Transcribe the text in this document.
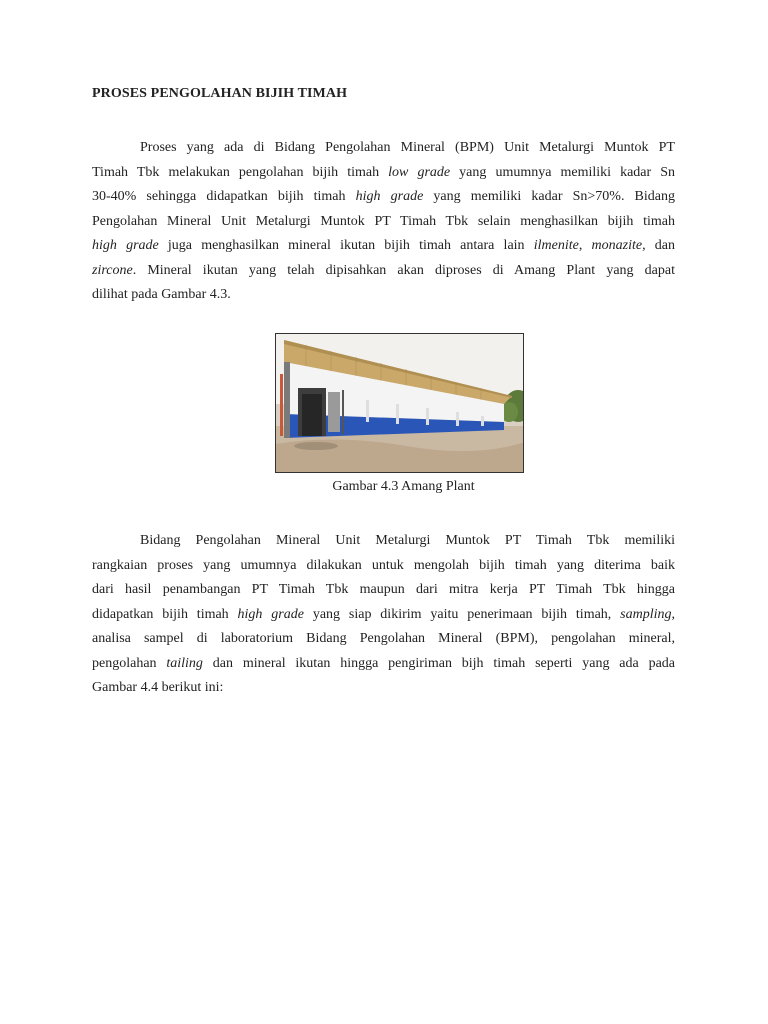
PROSES PENGOLAHAN BIJIH TIMAH
Proses yang ada di Bidang Pengolahan Mineral (BPM) Unit Metalurgi Muntok PT
Timah Tbk melakukan pengolahan bijih timah low grade yang umumnya memiliki kadar Sn
30-40% sehingga didapatkan bijih timah high grade yang memiliki kadar Sn>70%. Bidang
Pengolahan Mineral Unit Metalurgi Muntok PT Timah Tbk selain menghasilkan bijih timah
high grade juga menghasilkan mineral ikutan bijih timah antara lain ilmenite, monazite, dan
zircone. Mineral ikutan yang telah dipisahkan akan diproses di Amang Plant yang dapat
dilihat pada Gambar 4.3.
Gambar 4.3 Amang Plant
Bidang Pengolahan Mineral Unit Metalurgi Muntok PT Timah Tbk memiliki
rangkaian proses yang umumnya dilakukan untuk mengolah bijih timah yang diterima baik
dari hasil penambangan PT Timah Tbk maupun dari mitra kerja PT Timah Tbk hingga
didapatkan bijih timah high grade yang siap dikirim yaitu penerimaan bijih timah, sampling,
analisa sampel di laboratorium Bidang Pengolahan Mineral (BPM), pengolahan mineral,
pengolahan tailing dan mineral ikutan hingga pengiriman bijh timah seperti yang ada pada
Gambar 4.4 berikut ini:
